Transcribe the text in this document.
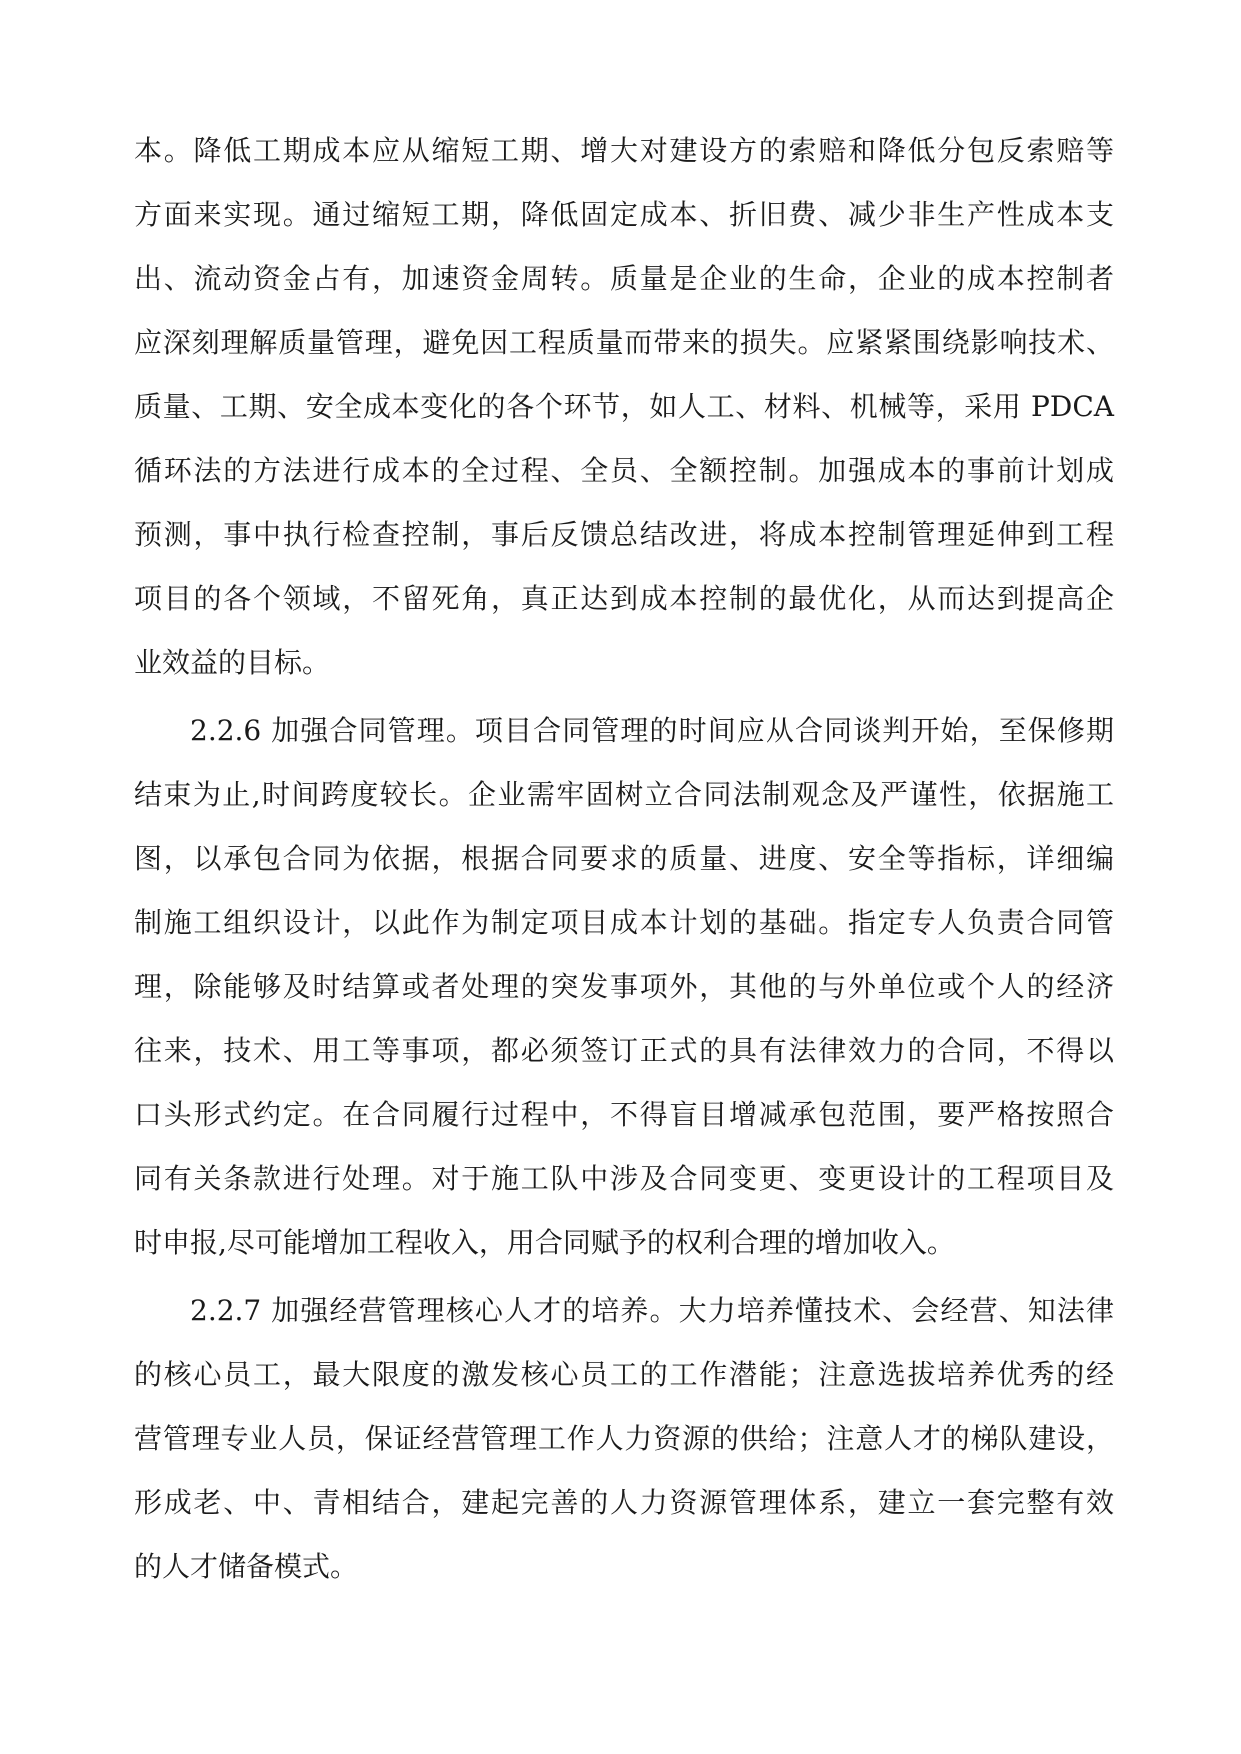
本。降低工期成本应从缩短工期、增大对建设方的索赔和降低分包反索赔等
方面来实现。通过缩短工期，降低固定成本、折旧费、减少非生产性成本支
出、流动资金占有，加速资金周转。质量是企业的生命，企业的成本控制者
应深刻理解质量管理，避免因工程质量而带来的损失。应紧紧围绕影响技术、
质量、工期、安全成本变化的各个环节，如人工、材料、机械等，采用 PDCA
循环法的方法进行成本的全过程、全员、全额控制。加强成本的事前计划成
预测，事中执行检查控制，事后反馈总结改进，将成本控制管理延伸到工程
项目的各个领域，不留死角，真正达到成本控制的最优化，从而达到提高企
业效益的目标。
2.2.6 加强合同管理。项目合同管理的时间应从合同谈判开始，至保修期
结束为止,时间跨度较长。企业需牢固树立合同法制观念及严谨性，依据施工
图，以承包合同为依据，根据合同要求的质量、进度、安全等指标，详细编
制施工组织设计，以此作为制定项目成本计划的基础。指定专人负责合同管
理，除能够及时结算或者处理的突发事项外，其他的与外单位或个人的经济
往来，技术、用工等事项，都必须签订正式的具有法律效力的合同，不得以
口头形式约定。在合同履行过程中，不得盲目增减承包范围，要严格按照合
同有关条款进行处理。对于施工队中涉及合同变更、变更设计的工程项目及
时申报,尽可能增加工程收入，用合同赋予的权利合理的增加收入。
2.2.7 加强经营管理核心人才的培养。大力培养懂技术、会经营、知法律
的核心员工，最大限度的激发核心员工的工作潜能；注意选拔培养优秀的经
营管理专业人员，保证经营管理工作人力资源的供给；注意人才的梯队建设，
形成老、中、青相结合，建起完善的人力资源管理体系，建立一套完整有效
的人才储备模式。
